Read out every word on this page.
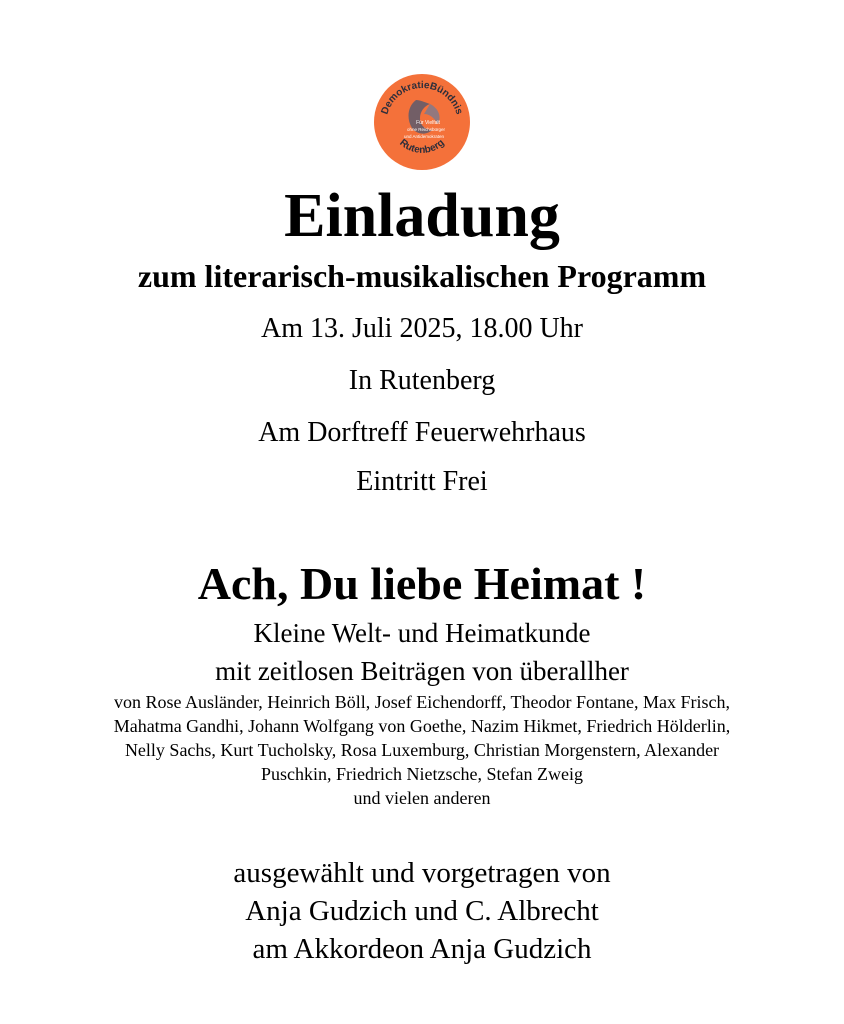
DemokratieBündnis
Rutenberg
Für Vielfalt
ohne Reichsbürger
und Antidemokraten
Einladung
zum literarisch-musikalischen Programm
Am 13. Juli 2025, 18.00 Uhr
In Rutenberg
Am Dorftreff Feuerwehrhaus
Eintritt Frei
Ach, Du liebe Heimat !
Kleine Welt- und Heimatkunde
mit zeitlosen Beiträgen von überallher
von Rose Ausländer, Heinrich Böll, Josef Eichendorff, Theodor Fontane, Max Frisch,
Mahatma Gandhi, Johann Wolfgang von Goethe, Nazim Hikmet, Friedrich Hölderlin,
Nelly Sachs, Kurt Tucholsky, Rosa Luxemburg, Christian Morgenstern, Alexander
Puschkin, Friedrich Nietzsche, Stefan Zweig
und vielen anderen
ausgewählt und vorgetragen von
Anja Gudzich und C. Albrecht
am Akkordeon Anja Gudzich
